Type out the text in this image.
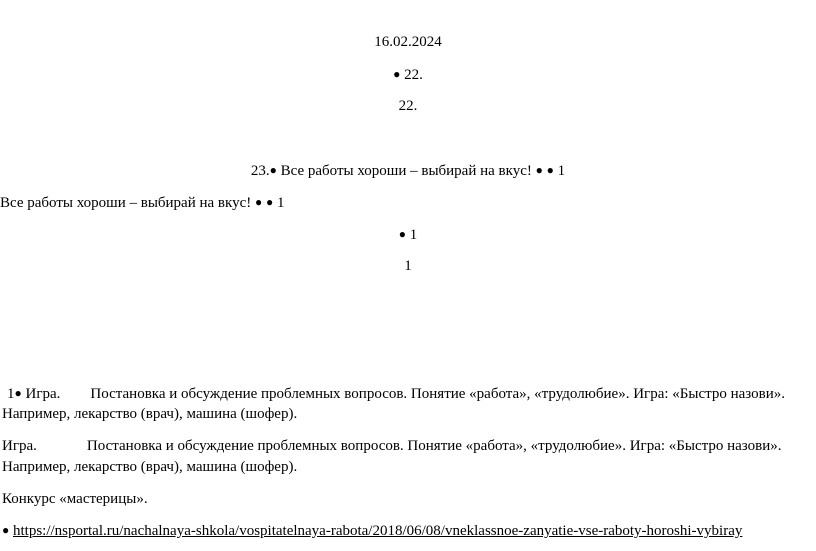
16.02.2024
● 22.
22.
23.● Все работы хороши – выбирай на вкус! ● ● 1
Все работы хороши – выбирай на вкус! ● ● 1
● 1
1
1● Игра. Постановка и обсуждение проблемных вопросов. Понятие «работа», «трудолюбие». Игра: «Быстро назови».
Например, лекарство (врач), машина (шофер).
Игра.	Постановка и обсуждение проблемных вопросов. Понятие «работа», «трудолюбие». Игра: «Быстро назови».
Например, лекарство (врач), машина (шофер).
Конкурс «мастерицы».
● https://nsportal.ru/nachalnaya-shkola/vospitatelnaya-rabota/2018/06/08/vneklassnoe-zanyatie-vse-raboty-horoshi-vybiray
